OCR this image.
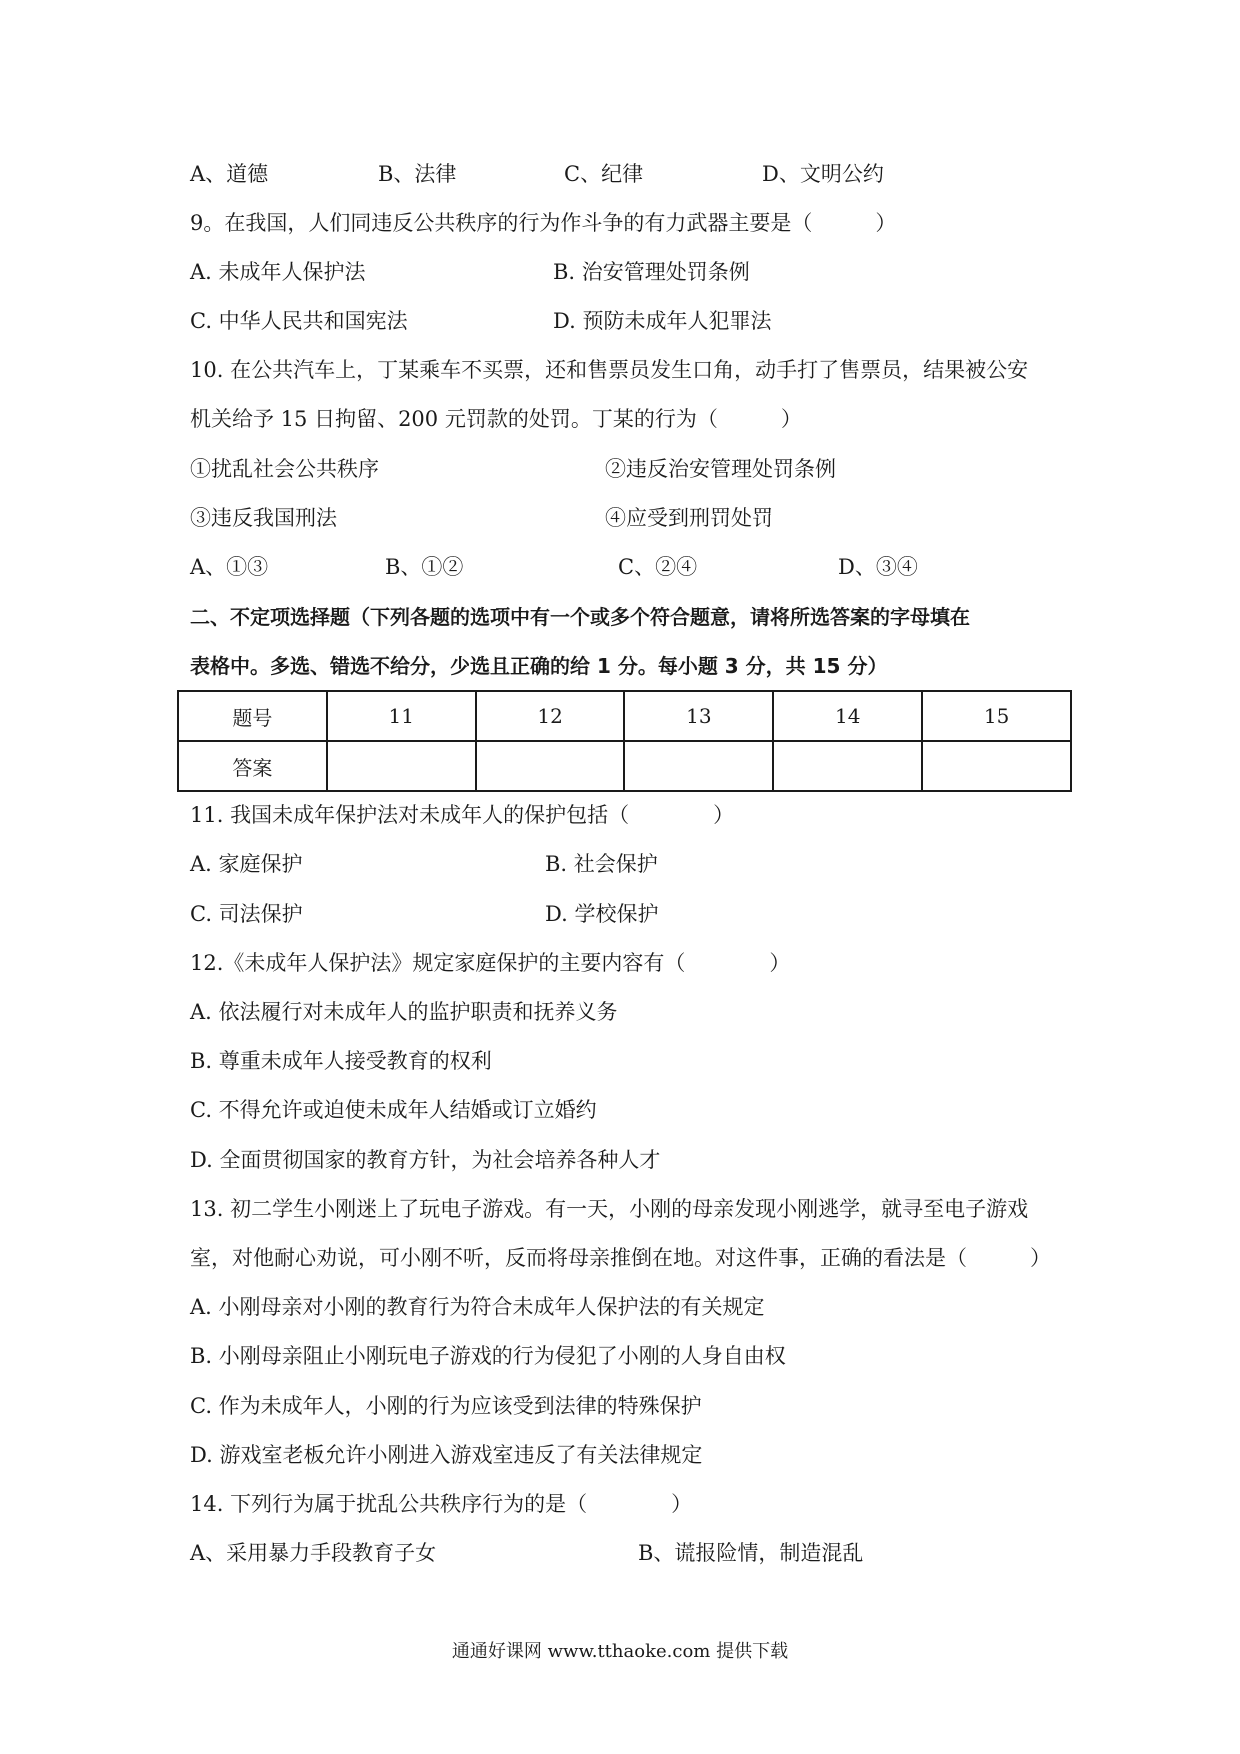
A、道德	B、法律	C、纪律	D、文明公约
9。在我国，人们同违反公共秩序的行为作斗争的有力武器主要是（　　　）
A. 未成年人保护法	B. 治安管理处罚条例
C. 中华人民共和国宪法	D. 预防未成年人犯罪法
10. 在公共汽车上，丁某乘车不买票，还和售票员发生口角，动手打了售票员，结果被公安
机关给予 15 日拘留、200 元罚款的处罚。丁某的行为（　　　）
①扰乱社会公共秩序	②违反治安管理处罚条例
③违反我国刑法	④应受到刑罚处罚
A、①③	B、①②	C、②④	D、③④
二、不定项选择题（下列各题的选项中有一个或多个符合题意，请将所选答案的字母填在
表格中。多选、错选不给分，少选且正确的给 1 分。每小题 3 分，共 15 分）
题号	11	12	13	14	15
答案					
11. 我国未成年保护法对未成年人的保护包括（　　　　）
A. 家庭保护	B. 社会保护
C. 司法保护	D. 学校保护
12.《未成年人保护法》规定家庭保护的主要内容有（　　　　）
A. 依法履行对未成年人的监护职责和抚养义务
B. 尊重未成年人接受教育的权利
C. 不得允许或迫使未成年人结婚或订立婚约
D. 全面贯彻国家的教育方针，为社会培养各种人才
13. 初二学生小刚迷上了玩电子游戏。有一天，小刚的母亲发现小刚逃学，就寻至电子游戏
室，对他耐心劝说，可小刚不听，反而将母亲推倒在地。对这件事，正确的看法是（　　　）
A. 小刚母亲对小刚的教育行为符合未成年人保护法的有关规定
B. 小刚母亲阻止小刚玩电子游戏的行为侵犯了小刚的人身自由权
C. 作为未成年人，小刚的行为应该受到法律的特殊保护
D. 游戏室老板允许小刚进入游戏室违反了有关法律规定
14. 下列行为属于扰乱公共秩序行为的是（　　　　）
A、采用暴力手段教育子女	B、谎报险情，制造混乱
通通好课网 www.tthaoke.com 提供下载
